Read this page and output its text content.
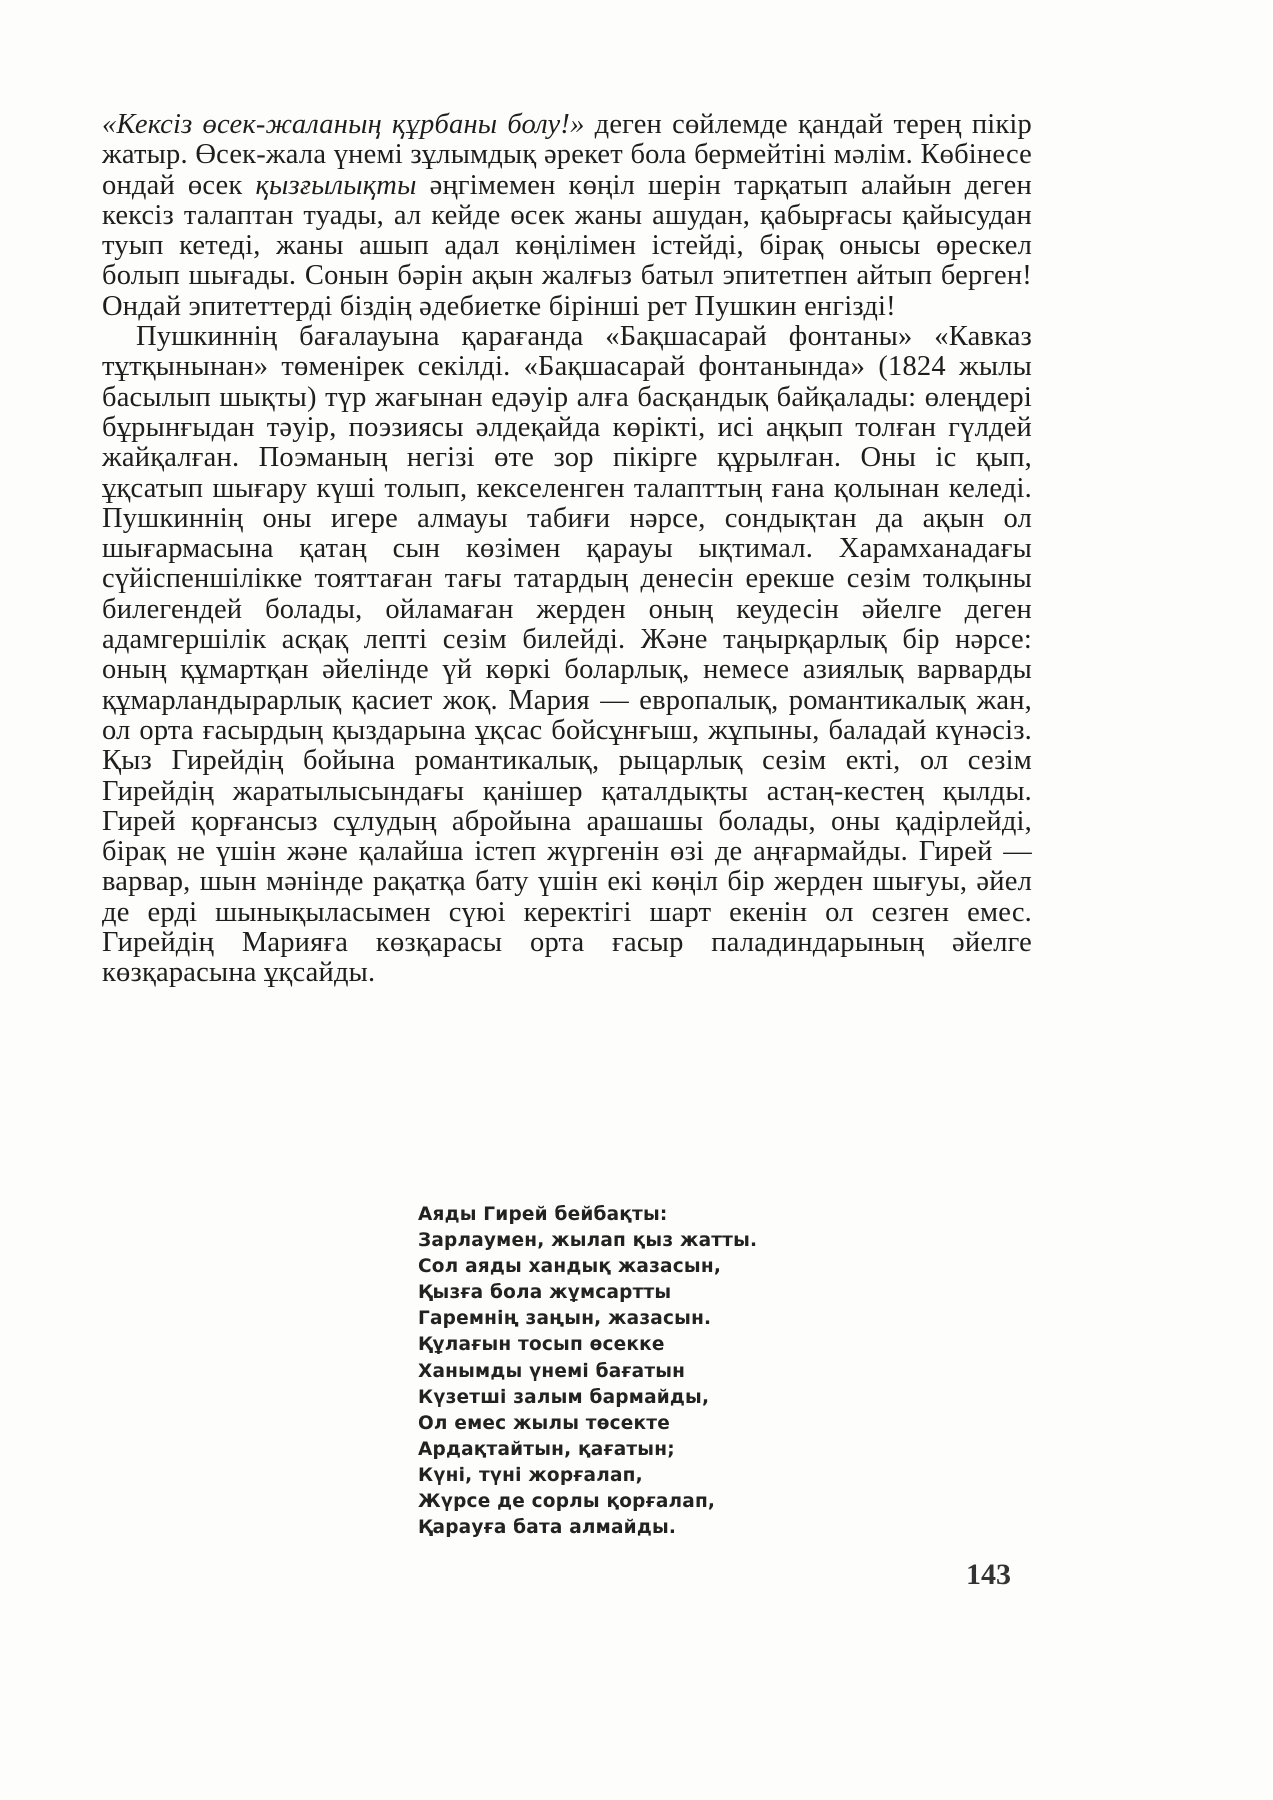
«Кексіз өсек-жаланың құрбаны болу!» деген сөйлемде қандай терең пікір жатыр. Өсек-жала үнемі зұлымдық әрекет бола бермейтіні мәлім. Көбінесе ондай өсек қызғылықты әңгімемен көңіл шерін тарқатып алайын деген кексіз талаптан туады, ал кейде өсек жаны ашудан, қабырғасы қайысудан туып кетеді, жаны ашып адал көңілімен істейді, бірақ онысы өрескел болып шығады. Сонын бәрін ақын жалғыз батыл эпитетпен айтып берген! Ондай эпитеттерді біздің әдебиетке бірінші рет Пушкин енгізді!

Пушкиннің бағалауына қарағанда «Бақшасарай фонтаны» «Кавказ тұтқынынан» төменірек секілді. «Бақшасарай фонтанында» (1824 жылы басылып шықты) түр жағынан едәуір алға басқандық байқалады: өлеңдері бұрынғыдан тәуір, поэзиясы әлдеқайда көрікті, исі аңқып толған гүлдей жайқалған. Поэманың негізі өте зор пікірге құрылған. Оны іс қып, ұқсатып шығару күші толып, кекселенген талапттың ғана қолынан келеді. Пушкиннің оны игере алмауы табиғи нәрсе, сондықтан да ақын ол шығармасына қатаң сын көзімен қарауы ықтимал. Харамханадағы сүйіспеншілікке тояттаған тағы татардың денесін ерекше сезім толқыны билегендей болады, ойламаған жерден оның кеудесін әйелге деген адамгершілік асқақ лепті сезім билейді. Және таңырқарлық бір нәрсе: оның құмартқан әйелінде үй көркі боларлық, немесе азиялық варварды құмарландырарлық қасиет жоқ. Мария — европалық, романтикалық жан, ол орта ғасырдың қыздарына ұқсас бойсұнғыш, жұпыны, баладай күнәсіз. Қыз Гирейдің бойына романтикалық, рыцарлық сезім екті, ол сезім Гирейдің жаратылысындағы қанішер қаталдықты астаң-кестең қылды. Гирей қорғансыз сұлудың абройына арашашы болады, оны қадірлейді, бірақ не үшін және қалайша істеп жүргенін өзі де аңғармайды. Гирей — варвар, шын мәнінде рақатқа бату үшін екі көңіл бір жерден шығуы, әйел де ерді шынықыласымен сүюі керектігі шарт екенін ол сезген емес. Гирейдің Марияға көзқарасы орта ғасыр паладиндарының әйелге көзқарасына ұқсайды.

Аяды Гирей бейбақты:
Зарлаумен, жылап қыз жатты.
Сол аяды хандық жазасын,
Қызға бола жұмсартты
Гаремнің заңын, жазасын.
Құлағын тосып өсекке
Ханымды үнемі бағатын
Күзетші залым бармайды,
Ол емес жылы төсекте
Ардақтайтын, қағатын;
Күні, түні жорғалап,
Жүрсе де сорлы қорғалап,
Қарауға бата алмайды.
143
